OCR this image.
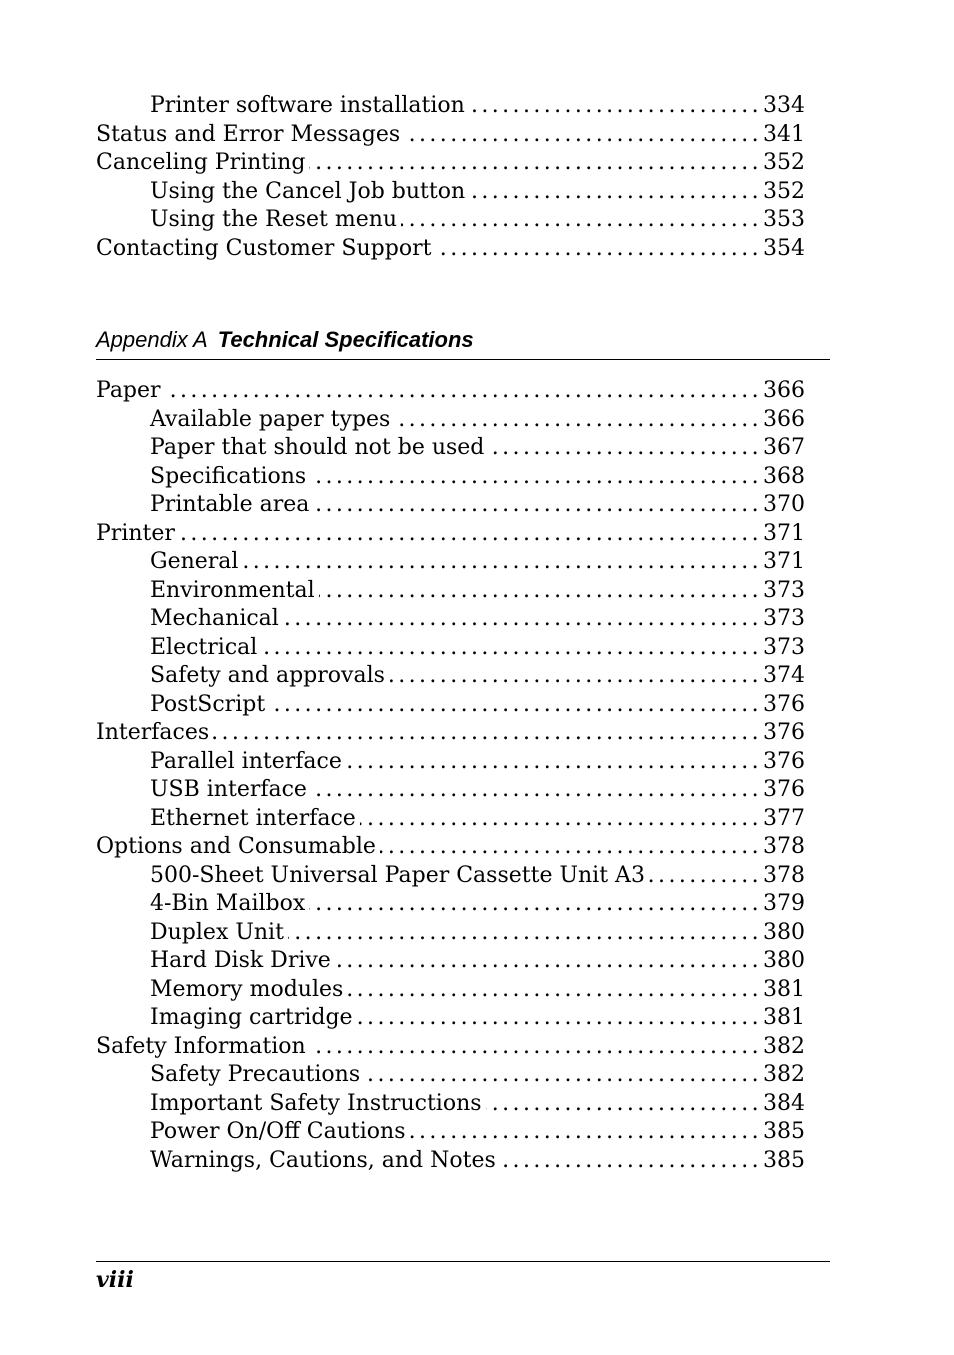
Printer software installation .....	334
Status and Error Messages .....	341
Canceling Printing .....	352
Using the Cancel Job button .....	352
Using the Reset menu .....	353
Contacting Customer Support .....	354
Appendix A Technical Specifications
Paper .....	366
Available paper types .....	366
Paper that should not be used .....	367
Specifications .....	368
Printable area .....	370
Printer .....	371
General .....	371
Environmental .....	373
Mechanical .....	373
Electrical .....	373
Safety and approvals .....	374
PostScript .....	376
Interfaces .....	376
Parallel interface .....	376
USB interface .....	376
Ethernet interface .....	377
Options and Consumable .....	378
500-Sheet Universal Paper Cassette Unit A3 .....	378
4-Bin Mailbox .....	379
Duplex Unit .....	380
Hard Disk Drive .....	380
Memory modules .....	381
Imaging cartridge .....	381
Safety Information .....	382
Safety Precautions .....	382
Important Safety Instructions .....	384
Power On/Off Cautions .....	385
Warnings, Cautions, and Notes .....	385
viii
